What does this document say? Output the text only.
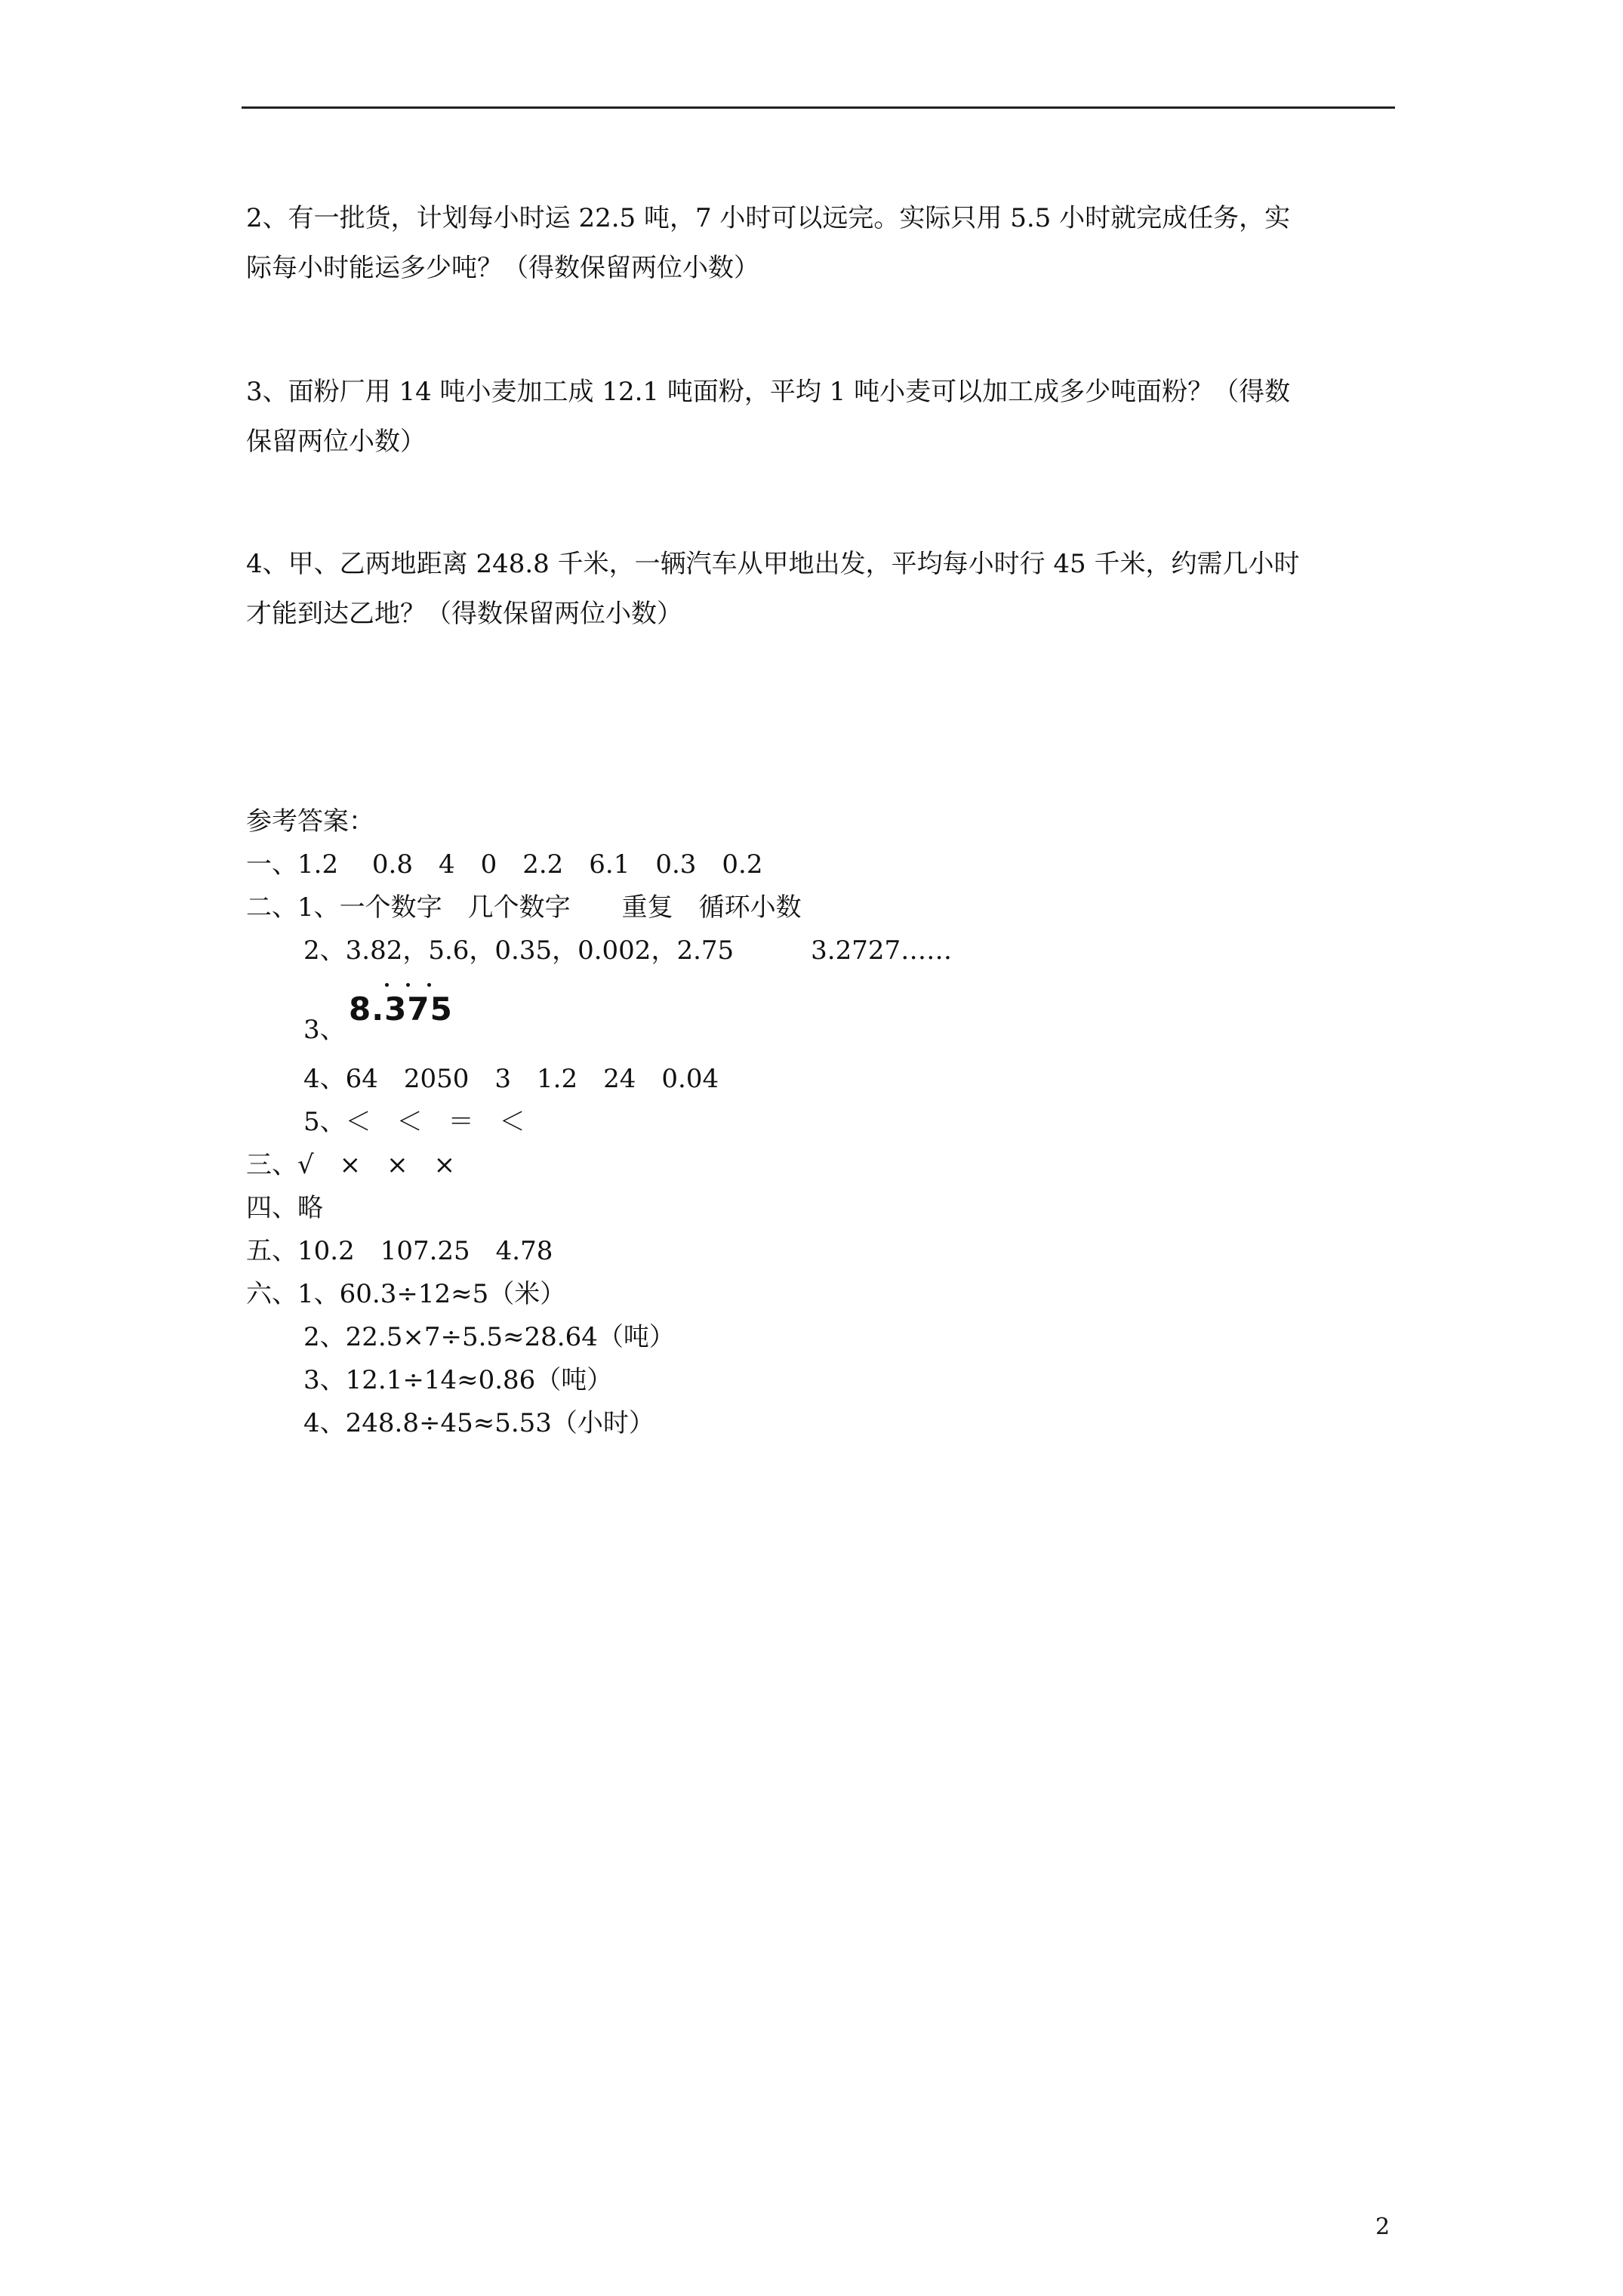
2、有一批货，计划每小时运 22.5 吨，7 小时可以远完。实际只用 5.5 小时就完成任务，实
际每小时能运多少吨？（得数保留两位小数）
3、面粉厂用 14 吨小麦加工成 12.1 吨面粉，平均 1 吨小麦可以加工成多少吨面粉？（得数
保留两位小数）
4、甲、乙两地距离 248.8 千米，一辆汽车从甲地出发，平均每小时行 45 千米，约需几小时
才能到达乙地？（得数保留两位小数）
参考答案：
一、1.2　 0.8　4　0　2.2　6.1　0.3　0.2
二、1、一个数字　几个数字　　重复　循环小数
2、3.82，5.6，0.35，0.002，2.75　　　3.2727……
3、
8.375
4、64　2050　3　1.2　24　0.04
5、＜　＜　＝　＜
三、√　×　×　×
四、略
五、10.2　107.25　4.78
六、1、60.3÷12≈5（米）
2、22.5×7÷5.5≈28.64（吨）
3、12.1÷14≈0.86（吨）
4、248.8÷45≈5.53（小时）
2
